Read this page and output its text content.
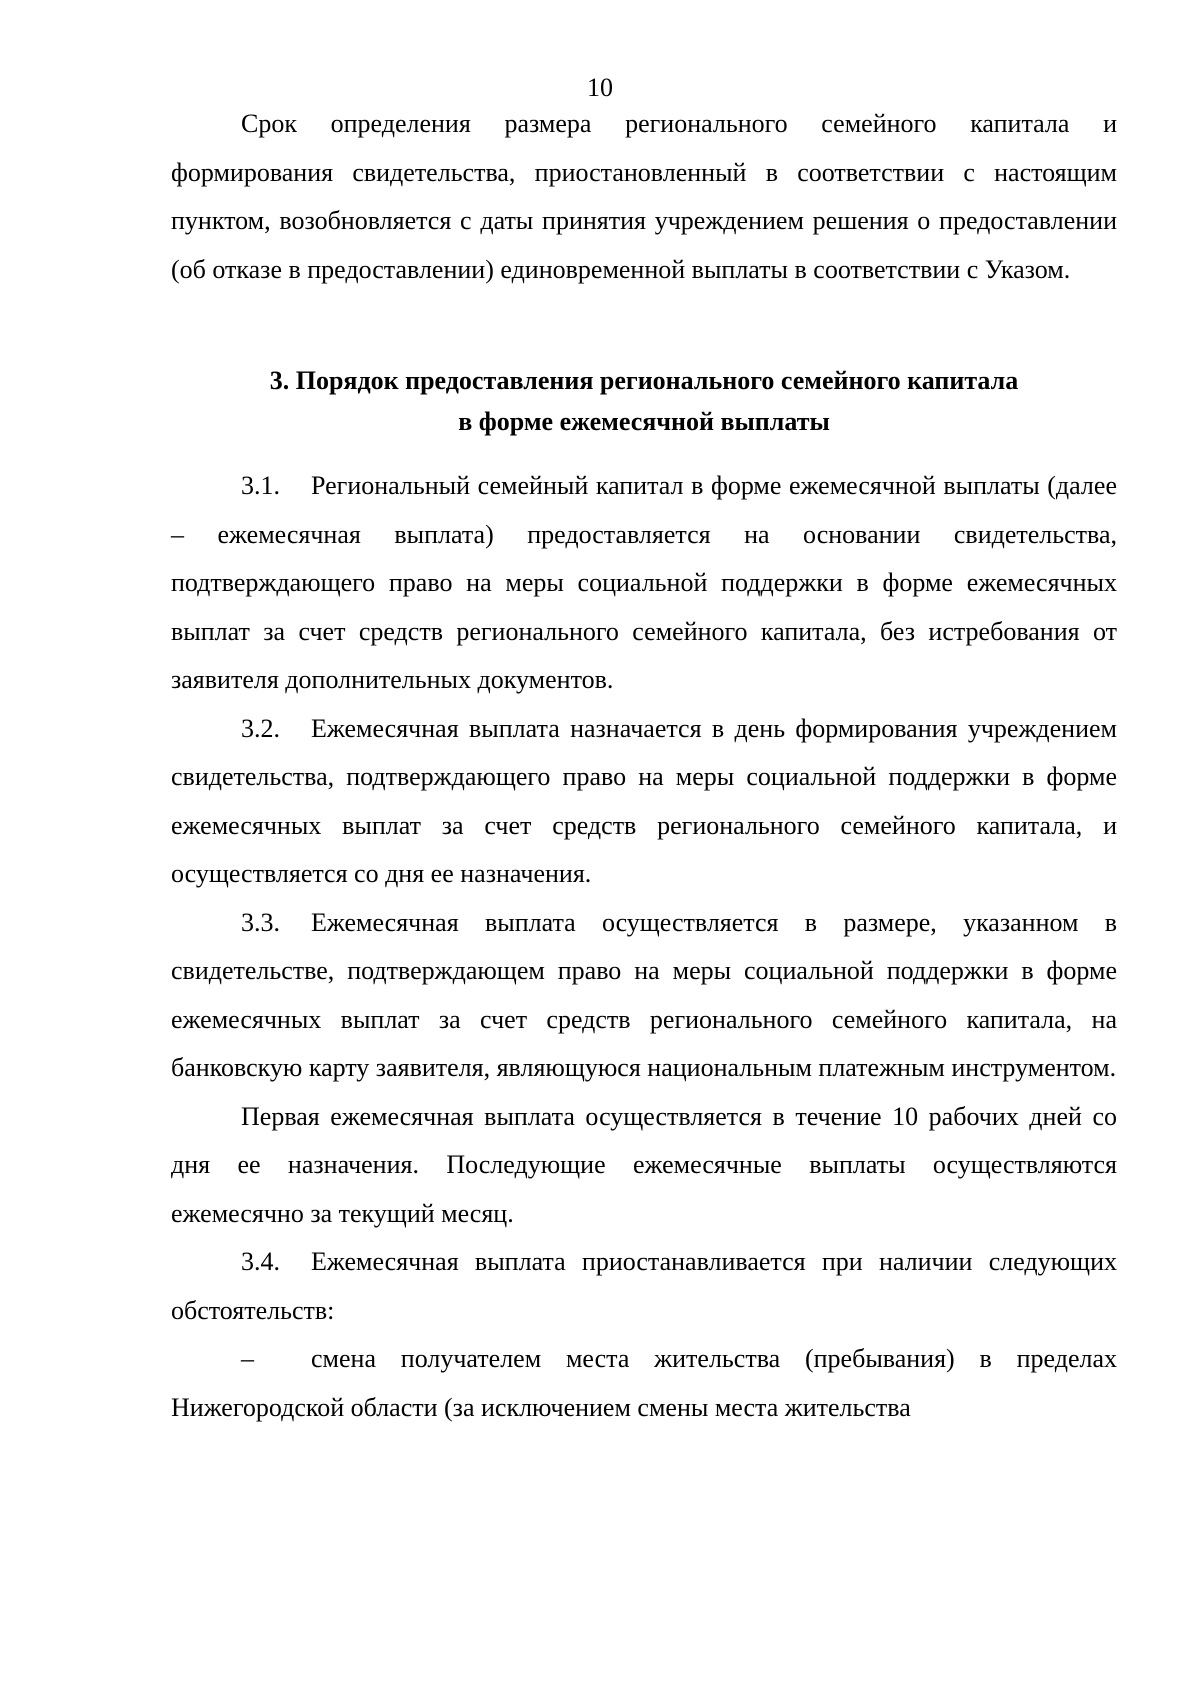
10

Срок определения размера регионального семейного капитала и формирования свидетельства, приостановленный в соответствии с настоящим пунктом, возобновляется с даты принятия учреждением решения о предоставлении (об отказе в предоставлении) единовременной выплаты в соответствии с Указом.

3. Порядок предоставления регионального семейного капитала
в форме ежемесячной выплаты

3.1. Региональный семейный капитал в форме ежемесячной выплаты (далее – ежемесячная выплата) предоставляется на основании свидетельства, подтверждающего право на меры социальной поддержки в форме ежемесячных выплат за счет средств регионального семейного капитала, без истребования от заявителя дополнительных документов.

3.2. Ежемесячная выплата назначается в день формирования учреждением свидетельства, подтверждающего право на меры социальной поддержки в форме ежемесячных выплат за счет средств регионального семейного капитала, и осуществляется со дня ее назначения.

3.3. Ежемесячная выплата осуществляется в размере, указанном в свидетельстве, подтверждающем право на меры социальной поддержки в форме ежемесячных выплат за счет средств регионального семейного капитала, на банковскую карту заявителя, являющуюся национальным платежным инструментом.

Первая ежемесячная выплата осуществляется в течение 10 рабочих дней со дня ее назначения. Последующие ежемесячные выплаты осуществляются ежемесячно за текущий месяц.

3.4. Ежемесячная выплата приостанавливается при наличии следующих обстоятельств:

– смена получателем места жительства (пребывания) в пределах Нижегородской области (за исключением смены места жительства
